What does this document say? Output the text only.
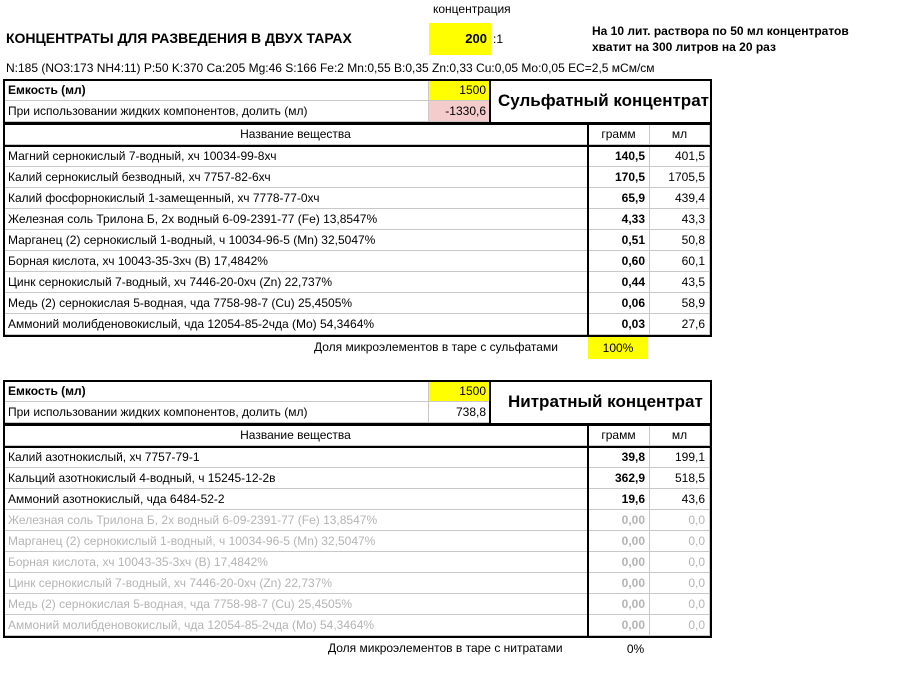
концентрация
КОНЦЕНТРАТЫ ДЛЯ РАЗВЕДЕНИЯ В ДВУХ ТАРАХ	200 :1
На 10 лит. раствора по 50 мл концентратов
хватит на 300 литров на 20 раз
N:185 (NO3:173 NH4:11) P:50 K:370 Ca:205 Mg:46 S:166 Fe:2 Mn:0,55 B:0,35 Zn:0,33 Cu:0,05 Mo:0,05 EC=2,5 мСм/см
Емкость (мл)	1500
При использовании жидких компонентов, долить (мл)	-1330,6
Сульфатный концентрат
Название вещества	грамм	мл
Магний сернокислый 7-водный, хч 10034-99-8хч	140,5	401,5
Калий сернокислый безводный, хч 7757-82-6хч	170,5	1705,5
Калий фосфорнокислый 1-замещенный, хч 7778-77-0хч	65,9	439,4
Железная соль Трилона Б, 2х водный 6-09-2391-77 (Fe) 13,8547%	4,33	43,3
Марганец (2) сернокислый 1-водный, ч 10034-96-5 (Mn) 32,5047%	0,51	50,8
Борная кислота, хч 10043-35-3хч (B) 17,4842%	0,60	60,1
Цинк сернокислый 7-водный, хч 7446-20-0хч (Zn) 22,737%	0,44	43,5
Медь (2) сернокислая 5-водная, чда 7758-98-7 (Cu) 25,4505%	0,06	58,9
Аммоний молибденовокислый, чда 12054-85-2чда (Mo) 54,3464%	0,03	27,6
Доля микроэлементов в таре с сульфатами	100%
Емкость (мл)	1500
При использовании жидких компонентов, долить (мл)	738,8
Нитратный концентрат
Название вещества	грамм	мл
Калий азотнокислый, хч 7757-79-1	39,8	199,1
Кальций азотнокислый 4-водный, ч 15245-12-2в	362,9	518,5
Аммоний азотнокислый, чда 6484-52-2	19,6	43,6
Железная соль Трилона Б, 2х водный 6-09-2391-77 (Fe) 13,8547%	0,00	0,0
Марганец (2) сернокислый 1-водный, ч 10034-96-5 (Mn) 32,5047%	0,00	0,0
Борная кислота, хч 10043-35-3хч (B) 17,4842%	0,00	0,0
Цинк сернокислый 7-водный, хч 7446-20-0хч (Zn) 22,737%	0,00	0,0
Медь (2) сернокислая 5-водная, чда 7758-98-7 (Cu) 25,4505%	0,00	0,0
Аммоний молибденовокислый, чда 12054-85-2чда (Mo) 54,3464%	0,00	0,0
Доля микроэлементов в таре с нитратами	0%
